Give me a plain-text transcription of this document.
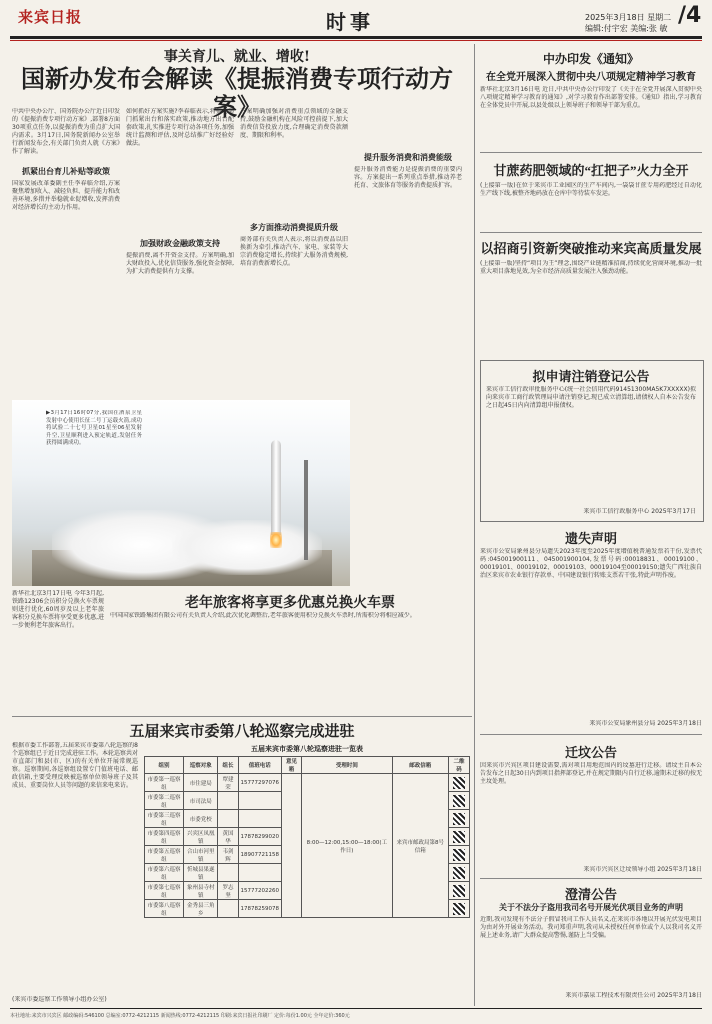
来宾日报	时事	2025年3月18日 星期二
编辑:付宇宏 美编:张 敏
/4
事关育儿、就业、增收!
国新办发布会解读《提振消费专项行动方案》
中共中央办公厅、国务院办公厅近日印发的《提振消费专项行动方案》,部署8方面30项重点任务,以提振消费为重点扩大国内需求。3月17日,国务院新闻办公室举行新闻发布会,有关部门负责人就《方案》作了解读。
抓紧出台育儿补贴等政策
国家发展改革委副主任李春临介绍,方案聚焦增加收入、减轻负担、提升能力和改善环境,多措并举稳就业促增收,发挥消费对经济增长的主动力作用。
如何抓好方案实施?李春临表示,将推动部门抓紧出台和落实政策,推动地方出台配套政策,扎实推进专项行动各项任务,加强统计监测和评估,及时总结推广好经验好做法。
加强财政金融政策支持
提振消费,离不开资金支持。方案明确,加大财政投入,优化信贷服务,强化资金保障,为扩大消费提供有力支撑。
方案明确加强对消费重点领域的金融支持,鼓励金融机构在风险可控前提下,加大消费信贷投放力度,合理确定消费贷款额度、期限和利率。
多方面推动消费提质升级
商务部有关负责人表示,将以消费品以旧换新为牵引,推动汽车、家电、家装等大宗消费稳定增长,持续扩大服务消费规模,培育消费新增长点。
提升服务消费和消费能级
提升服务消费能力是提振消费的重要内容。方案提出一系列重点举措,推动养老托育、文旅体育等服务消费提质扩容。
▶3月17日16时07分,我国在酒泉卫星发射中心使用长征二号丁运载火箭,成功将试验二十七号卫星01星至06星发射升空,卫星顺利进入预定轨道,发射任务获得圆满成功。
老年旅客将享更多优惠兑换火车票
新华社北京3月17日电 今年3月起,铁路12306会员积分兑换火车票规则进行优化,60周岁及以上老年旅客积分兑换车票将享受更多优惠,进一步便利老年旅客出行。
中国国家铁路集团有限公司有关负责人介绍,此次优化调整后,老年旅客使用积分兑换火车票时,所需积分将相应减少。
五届来宾市委第八轮巡察完成进驻
根据市委工作部署,五届来宾市委第八轮巡察的8个巡察组已于近日完成进驻工作。本轮巡察共对市直部门和县(市、区)的有关单位开展常规巡察。巡察期间,各巡察组设置专门值班电话、邮政信箱,主要受理反映被巡察单位领导班子及其成员、重要岗位人员等问题的来信来电来访。
(来宾市委巡察工作领导小组办公室)
五届来宾市委第八轮巡察进驻一览表
组别	巡察对象	组长	值班电话	意见箱	受理时间	邮政信箱	二维码
市委第一巡察组	市住建局	覃建荣	15777297076		8:00—12:00,15:00—18:00(工作日)	来宾市邮政局第8号信箱	

市委第二巡察组	市司法局						

市委第三巡察组	市委党校						

市委第四巡察组	兴宾区凤凰镇	黄国华	17878299020				

市委第五巡察组	合山市河里镇	韦剑辉	18907721158				

市委第六巡察组	忻城县果遂镇						

市委第七巡察组	象州县寺村镇	罗志坚	15777202260				

市委第八巡察组	金秀县三角乡		17878259078				
中办印发《通知》
在全党开展深入贯彻中央八项规定精神学习教育
新华社北京3月16日电 近日,中共中央办公厅印发了《关于在全党开展深入贯彻中央八项规定精神学习教育的通知》,对学习教育作出部署安排。《通知》指出,学习教育在全体党员中开展,以县处级以上领导班子和领导干部为重点。
甘蔗药肥领域的“扛把子”火力全开
(上接第一版)在位于来宾市工业园区的生产车间内,一袋袋甘蔗专用药肥经过自动化生产线下线,被整齐地码放在仓库中等待装车发运。
以招商引资新突破推动来宾高质量发展
(上接第一版)坚持“项目为王”理念,围绕产业链精准招商,持续优化营商环境,推动一批重大项目落地见效,为全市经济高质量发展注入强劲动能。
拟申请注销登记公告
来宾市工信行政审批服务中心(统一社会信用代码91451300MA5K7XXXXX)拟向来宾市工商行政管理局申请注销登记,现已成立清算组,请债权人自本公告发布之日起45日内向清算组申报债权。
来宾市工信行政服务中心 2025年3月17日
遗失声明
来宾市公安局象州县分局遗失2023年度至2025年度增值税普通发票若干份,发票代码:045001900111、045001900104,发票号码:00018831、00019100、00019101、00019102、00019103、00019104至00019150;遗失广西壮族自治区来宾市农业银行存款单、中国建设银行转账支票若干张,特此声明作废。
来宾市公安局象州县分局 2025年3月18日
迁坟公告
因来宾市兴宾区项目建设需要,需对项目用地范围内的坟墓进行迁移。请坟主自本公告发布之日起30日内到项目指挥部登记,并在规定期限内自行迁移,逾期未迁移的按无主坟处理。
来宾市兴宾区迁坟领导小组 2025年3月18日
澄清公告
关于不法分子盗用我司名号开展光伏项目业务的声明
近期,我司发现有不法分子假冒我司工作人员名义,在来宾市各地以开展光伏发电项目为由对外开展业务活动。我司郑重声明,我司从未授权任何单位或个人以我司名义开展上述业务,请广大群众提高警惕,谨防上当受骗。
来宾市嘉泉工程技术有限责任公司 2025年3月18日
本社地址:来宾市兴宾区 邮政编码:546100 总编室:0772-4212115 新闻热线:0772-4212115 印刷:来宾日报社印刷厂 定价:每份1.00元 全年定价:360元
